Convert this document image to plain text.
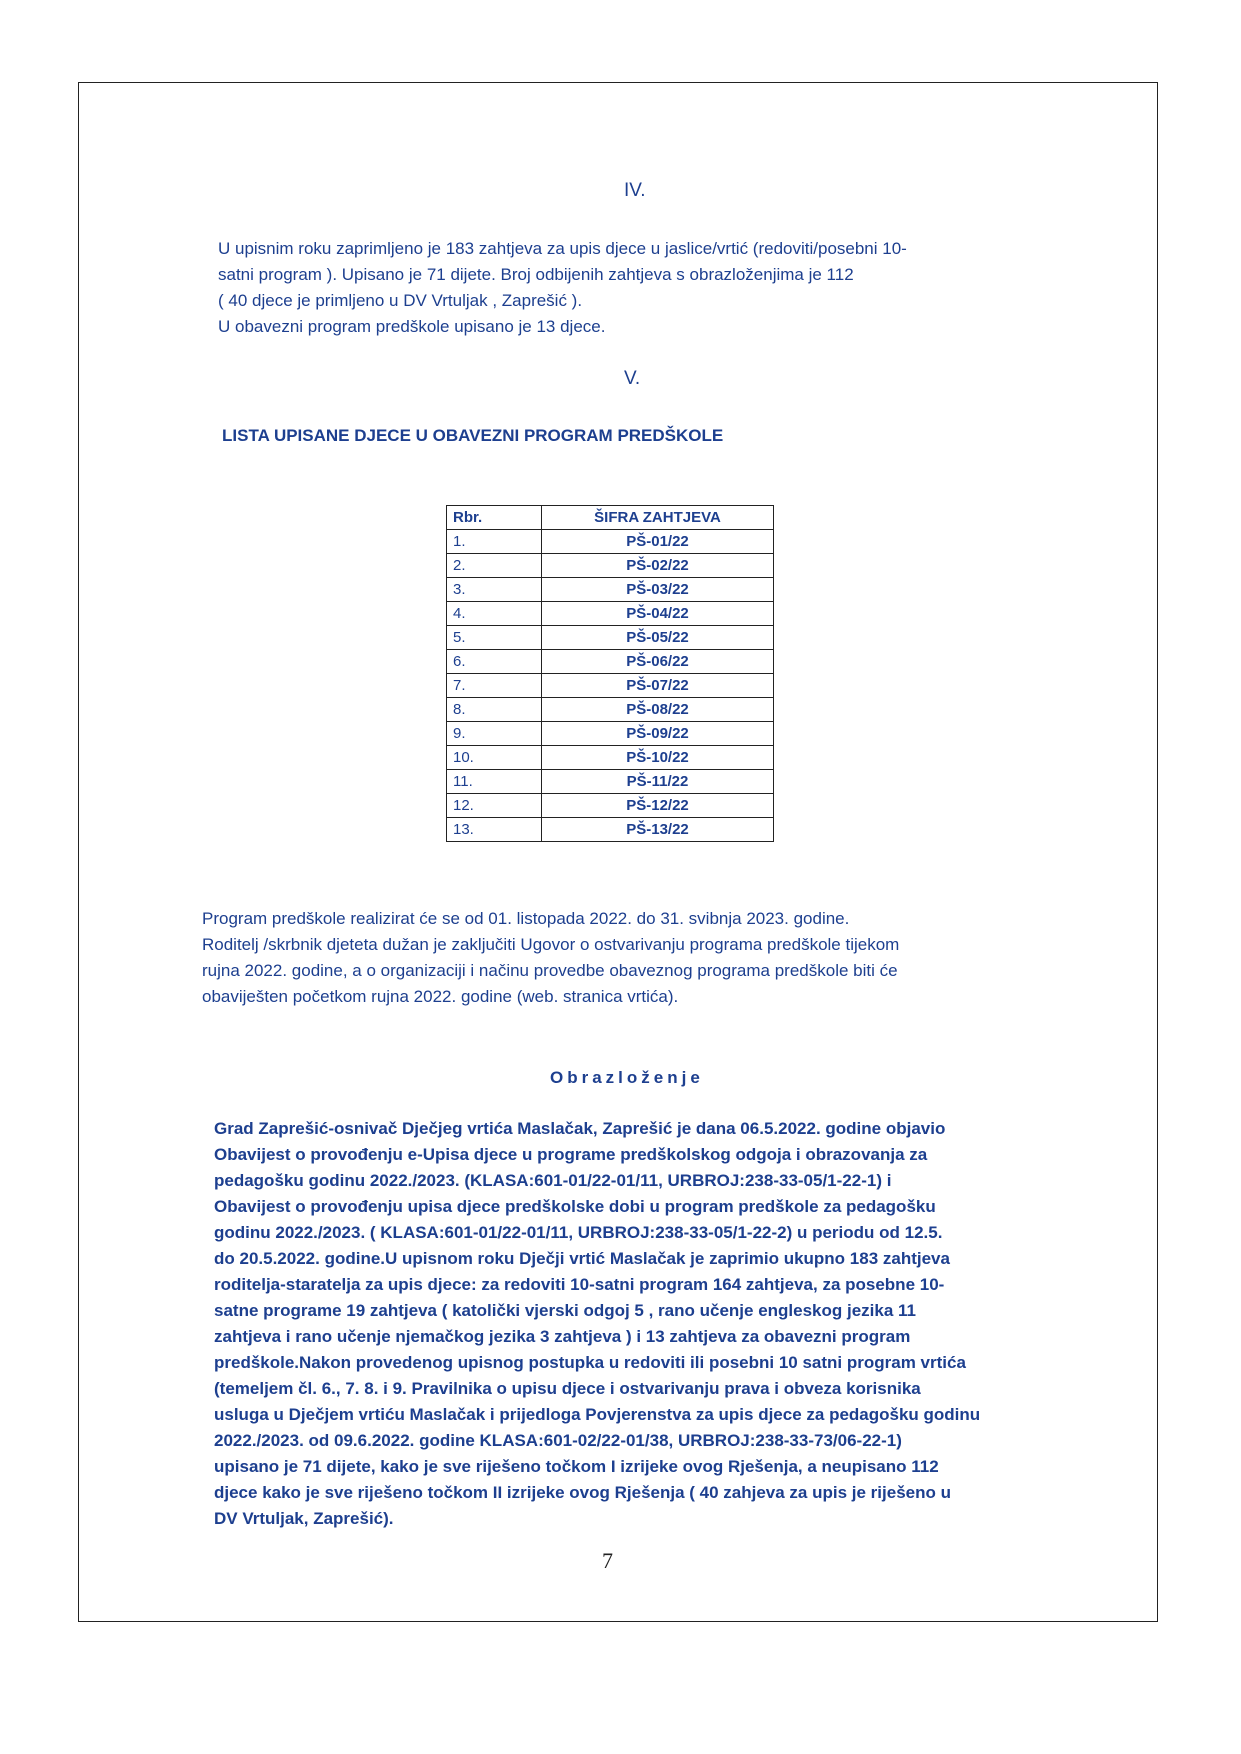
IV.
U upisnim roku zaprimljeno je 183 zahtjeva za upis djece u jaslice/vrtić (redoviti/posebni 10-
satni program ). Upisano je 71 dijete. Broj odbijenih zahtjeva s obrazloženjima je 112
( 40 djece je primljeno u DV Vrtuljak , Zaprešić ).
U obavezni program predškole upisano je 13 djece.
V.
LISTA UPISANE DJECE U OBAVEZNI PROGRAM PREDŠKOLE
Rbr.	ŠIFRA ZAHTJEVA
1.	PŠ-01/22
2.	PŠ-02/22
3.	PŠ-03/22
4.	PŠ-04/22
5.	PŠ-05/22
6.	PŠ-06/22
7.	PŠ-07/22
8.	PŠ-08/22
9.	PŠ-09/22
10.	PŠ-10/22
11.	PŠ-11/22
12.	PŠ-12/22
13.	PŠ-13/22
Program predškole realizirat će se od 01. listopada 2022. do 31. svibnja 2023. godine.
Roditelj /skrbnik djeteta dužan je zaključiti Ugovor o ostvarivanju programa predškole tijekom
rujna 2022. godine, a o organizaciji i načinu provedbe obaveznog programa predškole biti će
obaviješten početkom rujna 2022. godine (web. stranica vrtića).
Obrazloženje
Grad Zaprešić-osnivač Dječjeg vrtića Maslačak, Zaprešić je dana 06.5.2022. godine objavio
Obavijest o provođenju e-Upisa djece u programe predškolskog odgoja i obrazovanja za
pedagošku godinu 2022./2023. (KLASA:601-01/22-01/11, URBROJ:238-33-05/1-22-1) i
Obavijest o provođenju upisa djece predškolske dobi u program predškole za pedagošku
godinu 2022./2023. ( KLASA:601-01/22-01/11, URBROJ:238-33-05/1-22-2) u periodu od 12.5.
do 20.5.2022. godine.U upisnom roku Dječji vrtić Maslačak je zaprimio ukupno 183 zahtjeva
roditelja-staratelja za upis djece: za redoviti 10-satni program 164 zahtjeva, za posebne 10-
satne programe 19 zahtjeva ( katolički vjerski odgoj 5 , rano učenje engleskog jezika 11
zahtjeva i rano učenje njemačkog jezika 3 zahtjeva ) i 13 zahtjeva za obavezni program
predškole.Nakon provedenog upisnog postupka u redoviti ili posebni 10 satni program vrtića
(temeljem čl. 6., 7. 8. i 9. Pravilnika o upisu djece i ostvarivanju prava i obveza korisnika
usluga u Dječjem vrtiću Maslačak i prijedloga Povjerenstva za upis djece za pedagošku godinu
2022./2023. od 09.6.2022. godine KLASA:601-02/22-01/38, URBROJ:238-33-73/06-22-1)
upisano je 71 dijete, kako je sve riješeno točkom I izrijeke ovog Rješenja, a neupisano 112
djece kako je sve riješeno točkom II izrijeke ovog Rješenja ( 40 zahjeva za upis je riješeno u
DV Vrtuljak, Zaprešić).
7
